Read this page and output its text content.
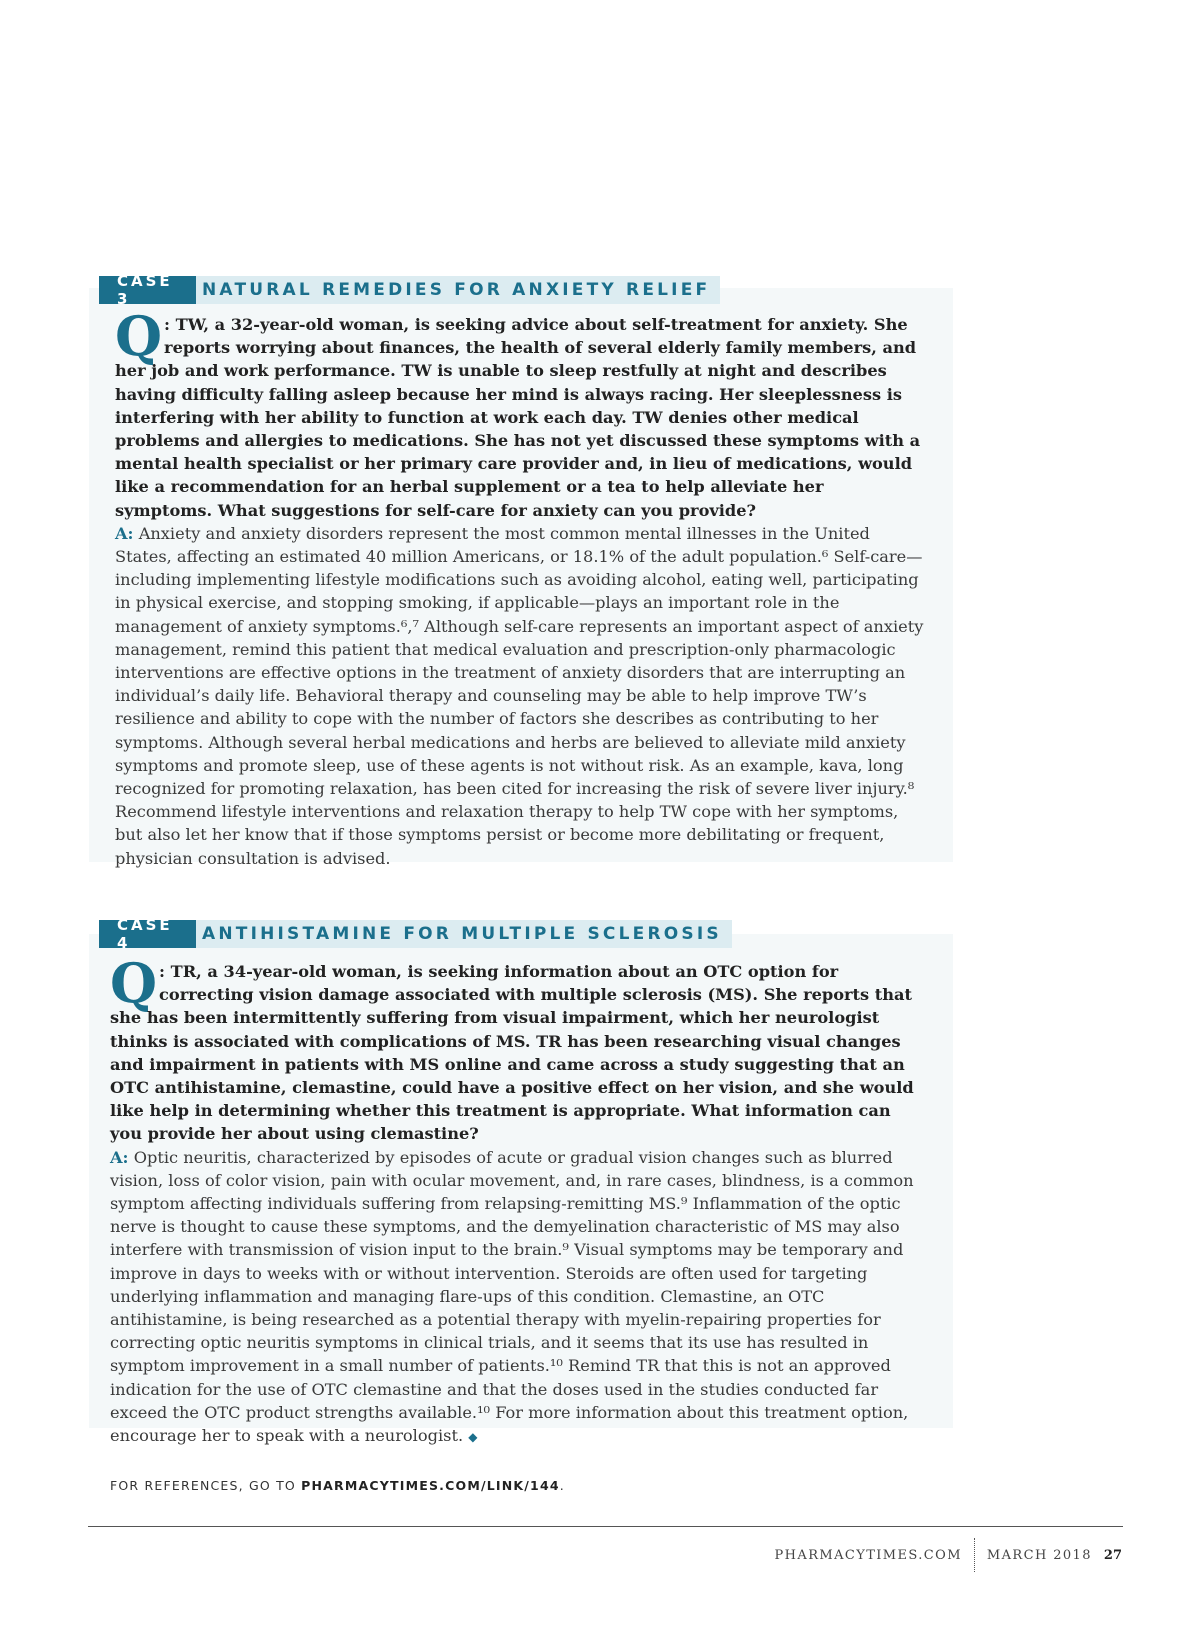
CASE 3	NATURAL REMEDIES FOR ANXIETY RELIEF
Q : TW, a 32-year-old woman, is seeking advice about self-treatment for anxiety. She reports worrying about finances, the health of several elderly family members, and her job and work performance. TW is unable to sleep restfully at night and describes having difficulty falling asleep because her mind is always racing. Her sleeplessness is interfering with her ability to function at work each day. TW denies other medical problems and allergies to medications. She has not yet discussed these symptoms with a mental health specialist or her primary care provider and, in lieu of medications, would like a recommendation for an herbal supplement or a tea to help alleviate her symptoms. What suggestions for self-care for anxiety can you provide?
A: Anxiety and anxiety disorders represent the most common mental illnesses in the United States, affecting an estimated 40 million Americans, or 18.1% of the adult population.⁶ Self-care—including implementing lifestyle modifications such as avoiding alcohol, eating well, participating in physical exercise, and stopping smoking, if applicable—plays an important role in the management of anxiety symptoms.⁶,⁷ Although self-care represents an important aspect of anxiety management, remind this patient that medical evaluation and prescription-only pharmacologic interventions are effective options in the treatment of anxiety disorders that are interrupting an individual’s daily life. Behavioral therapy and counseling may be able to help improve TW’s resilience and ability to cope with the number of factors she describes as contributing to her symptoms. Although several herbal medications and herbs are believed to alleviate mild anxiety symptoms and promote sleep, use of these agents is not without risk. As an example, kava, long recognized for promoting relaxation, has been cited for increasing the risk of severe liver injury.⁸ Recommend lifestyle interventions and relaxation therapy to help TW cope with her symptoms, but also let her know that if those symptoms persist or become more debilitating or frequent, physician consultation is advised.
CASE 4	ANTIHISTAMINE FOR MULTIPLE SCLEROSIS
Q : TR, a 34-year-old woman, is seeking information about an OTC option for correcting vision damage associated with multiple sclerosis (MS). She reports that she has been intermittently suffering from visual impairment, which her neurologist thinks is associated with complications of MS. TR has been researching visual changes and impairment in patients with MS online and came across a study suggesting that an OTC antihistamine, clemastine, could have a positive effect on her vision, and she would like help in determining whether this treatment is appropriate. What information can you provide her about using clemastine?
A: Optic neuritis, characterized by episodes of acute or gradual vision changes such as blurred vision, loss of color vision, pain with ocular movement, and, in rare cases, blindness, is a common symptom affecting individuals suffering from relapsing-remitting MS.⁹ Inflammation of the optic nerve is thought to cause these symptoms, and the demyelination characteristic of MS may also interfere with transmission of vision input to the brain.⁹ Visual symptoms may be temporary and improve in days to weeks with or without intervention. Steroids are often used for targeting underlying inflammation and managing flare-ups of this condition. Clemastine, an OTC antihistamine, is being researched as a potential therapy with myelin-repairing properties for correcting optic neuritis symptoms in clinical trials, and it seems that its use has resulted in symptom improvement in a small number of patients.¹⁰ Remind TR that this is not an approved indication for the use of OTC clemastine and that the doses used in the studies conducted far exceed the OTC product strengths available.¹⁰ For more information about this treatment option, encourage her to speak with a neurologist. ◆
FOR REFERENCES, GO TO PHARMACYTIMES.COM/LINK/144.
PHARMACYTIMES.COM MARCH 2018 27
